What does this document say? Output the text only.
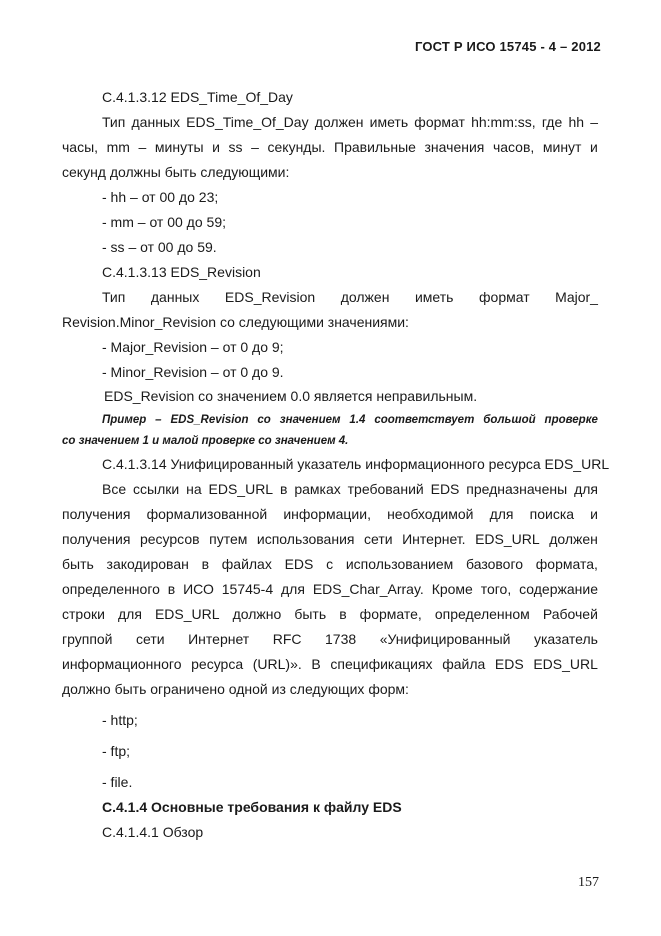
ГОСТ Р ИСО 15745 - 4 – 2012
C.4.1.3.12 EDS_Time_Of_Day
Тип данных EDS_Time_Of_Day должен иметь формат hh:mm:ss, где hh –
часы, mm – минуты и ss – секунды. Правильные значения часов, минут и
секунд должны быть следующими:
- hh – от 00 до 23;
- mm – от 00 до 59;
- ss – от 00 до 59.
C.4.1.3.13 EDS_Revision
Тип данных EDS_Revision должен иметь формат Major_
Revision.Minor_Revision со следующими значениями:
- Major_Revision – от 0 до 9;
- Minor_Revision – от 0 до 9.
EDS_Revision со значением 0.0 является неправильным.
Пример – EDS_Revision со значением 1.4 соответствует большой проверке
со значением 1 и малой проверке со значением 4.
C.4.1.3.14 Унифицированный указатель информационного ресурса EDS_URL
Все ссылки на EDS_URL в рамках требований EDS предназначены для
получения формализованной информации, необходимой для поиска и
получения ресурсов путем использования сети Интернет. EDS_URL должен
быть закодирован в файлах EDS с использованием базового формата,
определенного в ИСО 15745-4 для EDS_Char_Array. Кроме того, содержание
строки для EDS_URL должно быть в формате, определенном Рабочей
группой сети Интернет RFC 1738 «Унифицированный указатель
информационного ресурса (URL)». В спецификациях файла EDS EDS_URL
должно быть ограничено одной из следующих форм:
- http;
- ftp;
- file.
C.4.1.4 Основные требования к файлу EDS
C.4.1.4.1 Обзор
157
